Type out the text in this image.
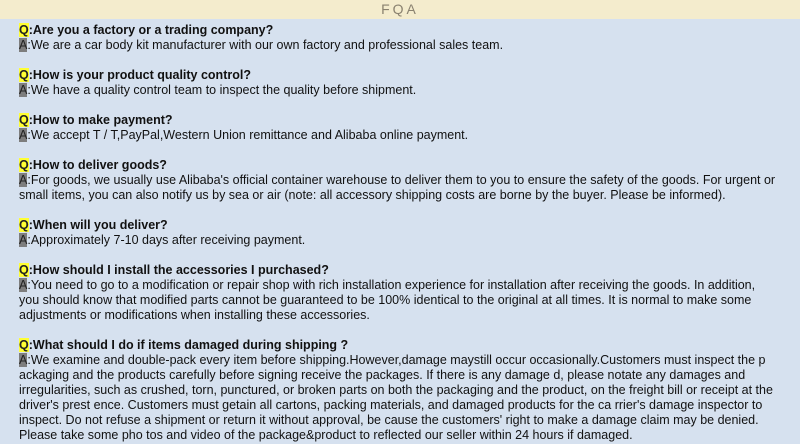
FQA
Q:Are you a factory or a trading company?
A:We are a car body kit manufacturer with our own factory and professional sales team.
Q:How is your product quality control?
A:We have a quality control team to inspect the quality before shipment.
Q:How to make payment?
A:We accept T / T,PayPal,Western Union remittance and Alibaba online payment.
Q:How to deliver goods?
A:For goods, we usually use Alibaba's official container warehouse to deliver them to you to ensure the safety of the goods. For urgent or small items, you can also notify us by sea or air (note: all accessory shipping costs are borne by the buyer. Please be informed).
Q:When will you deliver?
A:Approximately 7-10 days after receiving payment.
Q:How should I install the accessories I purchased?
A:You need to go to a modification or repair shop with rich installation experience for installation after receiving the goods. In addition, you should know that modified parts cannot be guaranteed to be 100% identical to the original at all times. It is normal to make some adjustments or modifications when installing these accessories.
Q:What should I do if items damaged during shipping ?
A:We examine and double-pack every item before shipping.However,damage maystill occur occasionally.Customers must inspect the p ackaging and the products carefully before signing receive the packages. If there is any damage d, please notate any damages and irregularities, such as crushed, torn, punctured, or broken parts on both the packaging and the product, on the freight bill or receipt at the driver's prest ence. Customers must getain all cartons, packing materials, and damaged products for the ca rrier's damage inspector to inspect. Do not refuse a shipment or return it without approval, be cause the customers' right to make a damage claim may be denied. Please take some pho tos and video of the package&product to reflected our seller within 24 hours if damaged.
